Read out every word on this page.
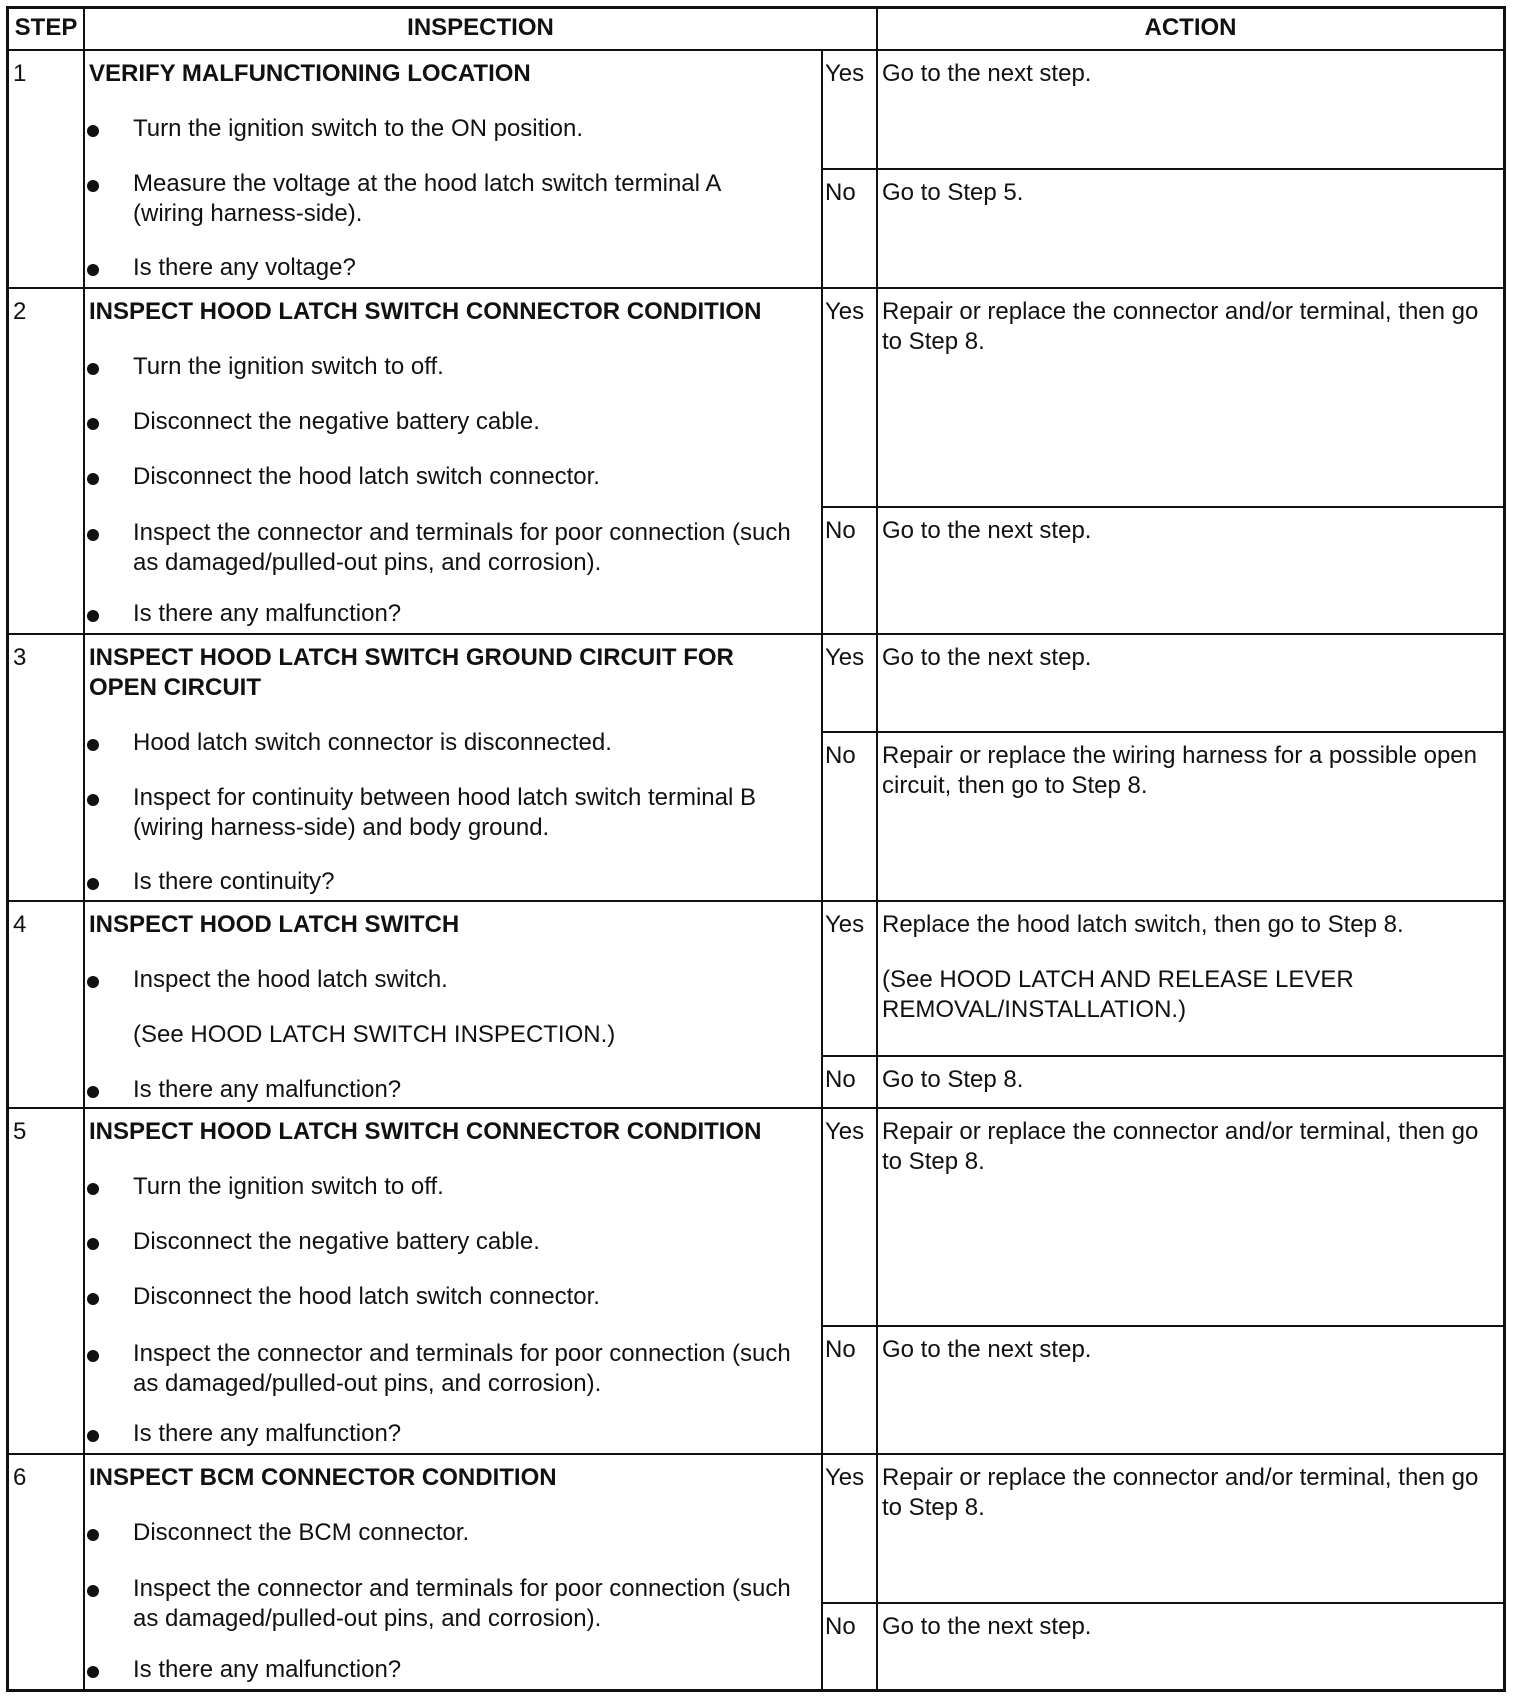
STEP	INSPECTION	ACTION
1	VERIFY MALFUNCTIONING LOCATION
Turn the ignition switch to the ON position.
Measure the voltage at the hood latch switch terminal A (wiring harness-side).
Is there any voltage?
Yes Go to the next step.
No Go to Step 5.
2	INSPECT HOOD LATCH SWITCH CONNECTOR CONDITION
Turn the ignition switch to off.
Disconnect the negative battery cable.
Disconnect the hood latch switch connector.
Inspect the connector and terminals for poor connection (such as damaged/pulled-out pins, and corrosion).
Is there any malfunction?
Yes Repair or replace the connector and/or terminal, then go to Step 8.
No Go to the next step.
3	INSPECT HOOD LATCH SWITCH GROUND CIRCUIT FOR OPEN CIRCUIT
Hood latch switch connector is disconnected.
Inspect for continuity between hood latch switch terminal B (wiring harness-side) and body ground.
Is there continuity?
Yes Go to the next step.
No Repair or replace the wiring harness for a possible open circuit, then go to Step 8.
4	INSPECT HOOD LATCH SWITCH
Inspect the hood latch switch.
(See HOOD LATCH SWITCH INSPECTION.)
Is there any malfunction?
Yes Replace the hood latch switch, then go to Step 8.
(See HOOD LATCH AND RELEASE LEVER REMOVAL/INSTALLATION.)
No Go to Step 8.
5	INSPECT HOOD LATCH SWITCH CONNECTOR CONDITION
Turn the ignition switch to off.
Disconnect the negative battery cable.
Disconnect the hood latch switch connector.
Inspect the connector and terminals for poor connection (such as damaged/pulled-out pins, and corrosion).
Is there any malfunction?
Yes Repair or replace the connector and/or terminal, then go to Step 8.
No Go to the next step.
6	INSPECT BCM CONNECTOR CONDITION
Disconnect the BCM connector.
Inspect the connector and terminals for poor connection (such as damaged/pulled-out pins, and corrosion).
Is there any malfunction?
Yes Repair or replace the connector and/or terminal, then go to Step 8.
No Go to the next step.
